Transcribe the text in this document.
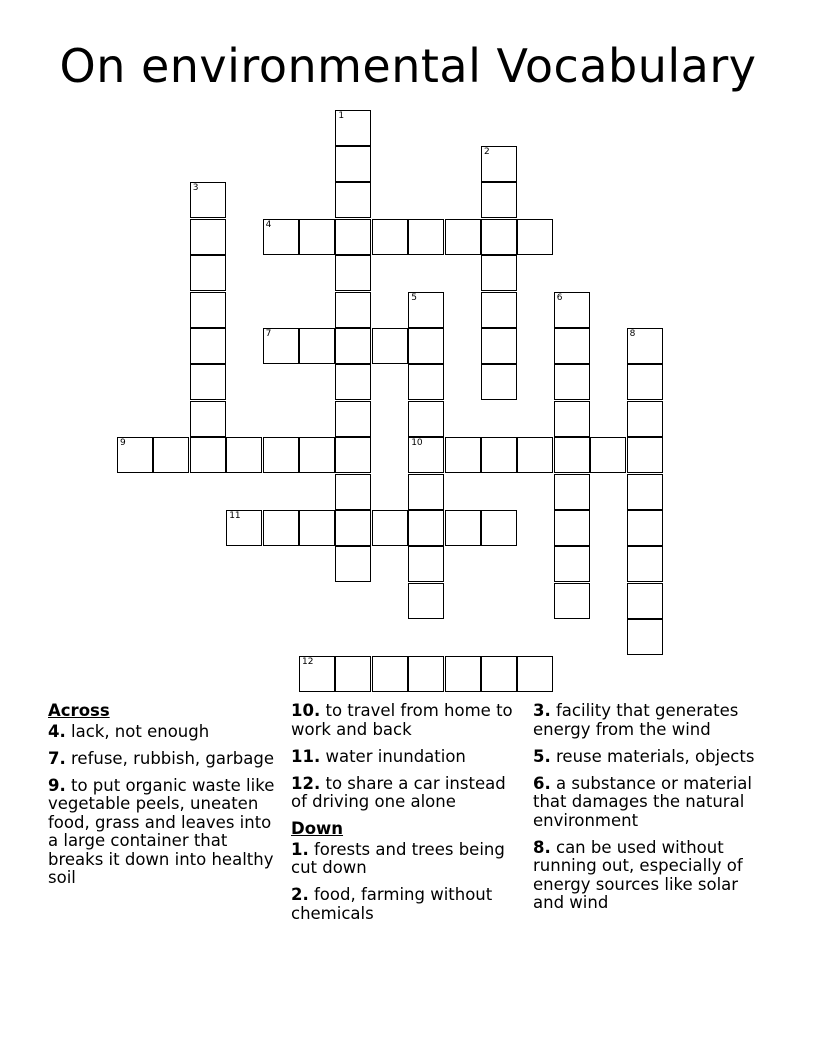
On environmental Vocabulary
1
2
3
4
5
10
6
7	8
9
11
12
Across
4. lack, not enough
7. refuse, rubbish, garbage
9. to put organic waste like vegetable peels, uneaten food, grass and leaves into a large container that breaks it down into healthy soil
10. to travel from home to work and back
11. water inundation
12. to share a car instead of driving one alone
Down
1. forests and trees being cut down
2. food, farming without chemicals
3. facility that generates energy from the wind
5. reuse materials, objects
6. a substance or material that damages the natural environment
8. can be used without running out, especially of energy sources like solar and wind
